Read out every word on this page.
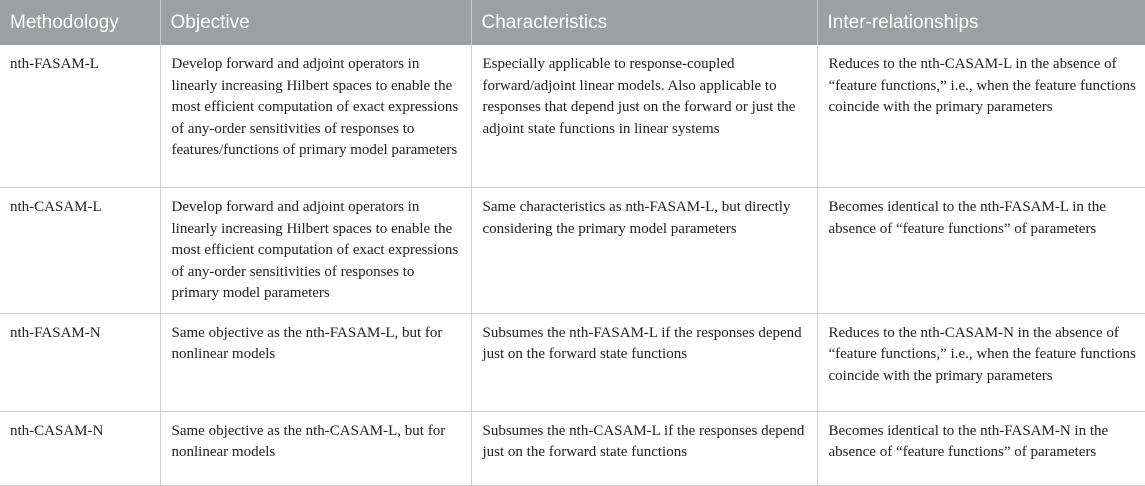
Methodology	Objective	Characteristics	Inter-relationships
nth-FASAM-L	Develop forward and adjoint operators in linearly increasing Hilbert spaces to enable the most efficient computation of exact expressions of any-order sensitivities of responses to features/functions of primary model parameters	Especially applicable to response-coupled forward/adjoint linear models. Also applicable to responses that depend just on the forward or just the adjoint state functions in linear systems	Reduces to the nth-CASAM-L in the absence of “feature functions,” i.e., when the feature functions coincide with the primary parameters
nth-CASAM-L	Develop forward and adjoint operators in linearly increasing Hilbert spaces to enable the most efficient computation of exact expressions of any-order sensitivities of responses to primary model parameters	Same characteristics as nth-FASAM-L, but directly considering the primary model parameters	Becomes identical to the nth-FASAM-L in the absence of “feature functions” of parameters
nth-FASAM-N	Same objective as the nth-FASAM-L, but for nonlinear models	Subsumes the nth-FASAM-L if the responses depend just on the forward state functions	Reduces to the nth-CASAM-N in the absence of “feature functions,” i.e., when the feature functions coincide with the primary parameters
nth-CASAM-N	Same objective as the nth-CASAM-L, but for nonlinear models	Subsumes the nth-CASAM-L if the responses depend just on the forward state functions	Becomes identical to the nth-FASAM-N in the absence of “feature functions” of parameters
